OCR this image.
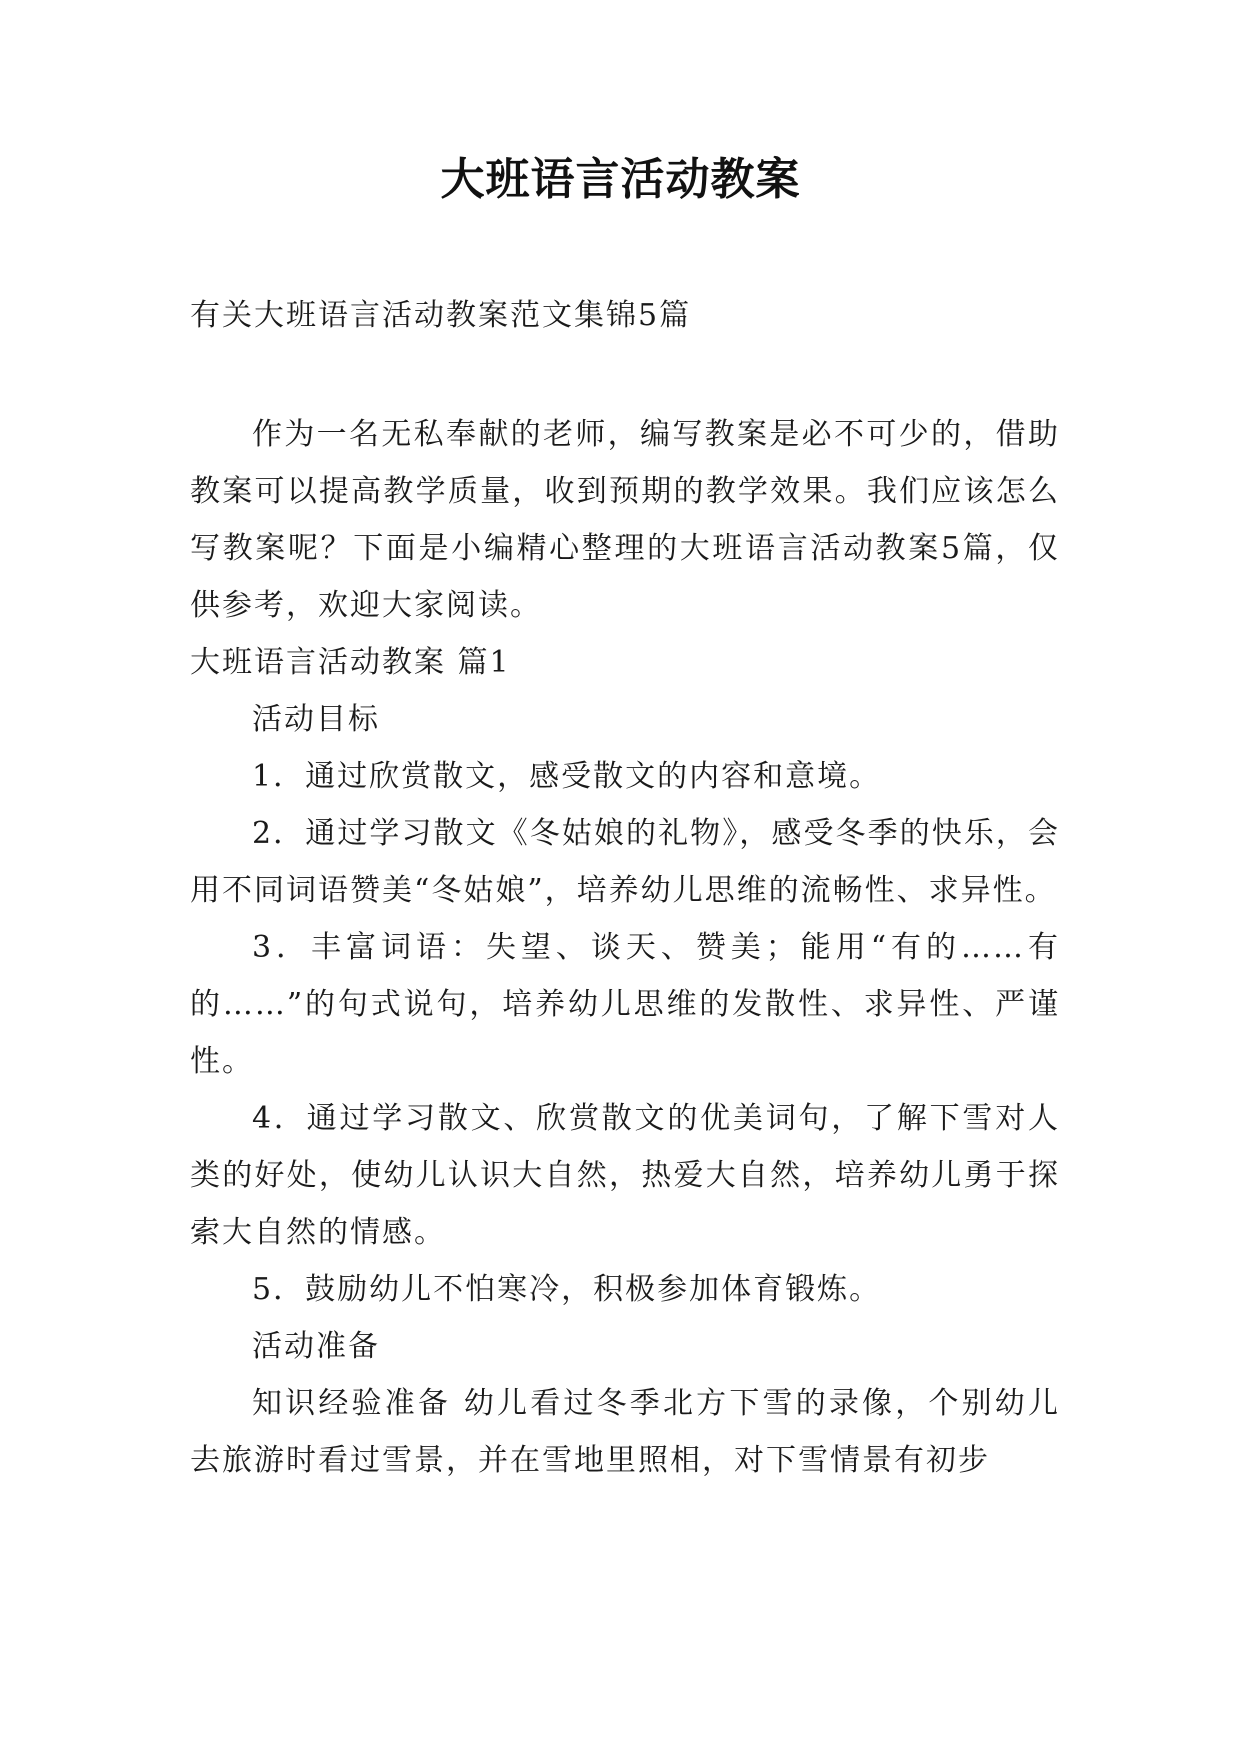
大班语言活动教案
有关大班语言活动教案范文集锦5篇

作为一名无私奉献的老师，编写教案是必不可少的，借助教案可以提高教学质量，收到预期的教学效果。我们应该怎么写教案呢？下面是小编精心整理的大班语言活动教案5篇，仅供参考，欢迎大家阅读。

大班语言活动教案 篇1

活动目标

1．通过欣赏散文，感受散文的内容和意境。

2．通过学习散文《冬姑娘的礼物》，感受冬季的快乐，会用不同词语赞美“冬姑娘”，培养幼儿思维的流畅性、求异性。

3．丰富词语：失望、谈天、赞美；能用“有的……有的……”的句式说句，培养幼儿思维的发散性、求异性、严谨性。

4．通过学习散文、欣赏散文的优美词句，了解下雪对人类的好处，使幼儿认识大自然，热爱大自然，培养幼儿勇于探索大自然的情感。

5．鼓励幼儿不怕寒冷，积极参加体育锻炼。

活动准备

知识经验准备 幼儿看过冬季北方下雪的录像，个别幼儿去旅游时看过雪景，并在雪地里照相，对下雪情景有初步
